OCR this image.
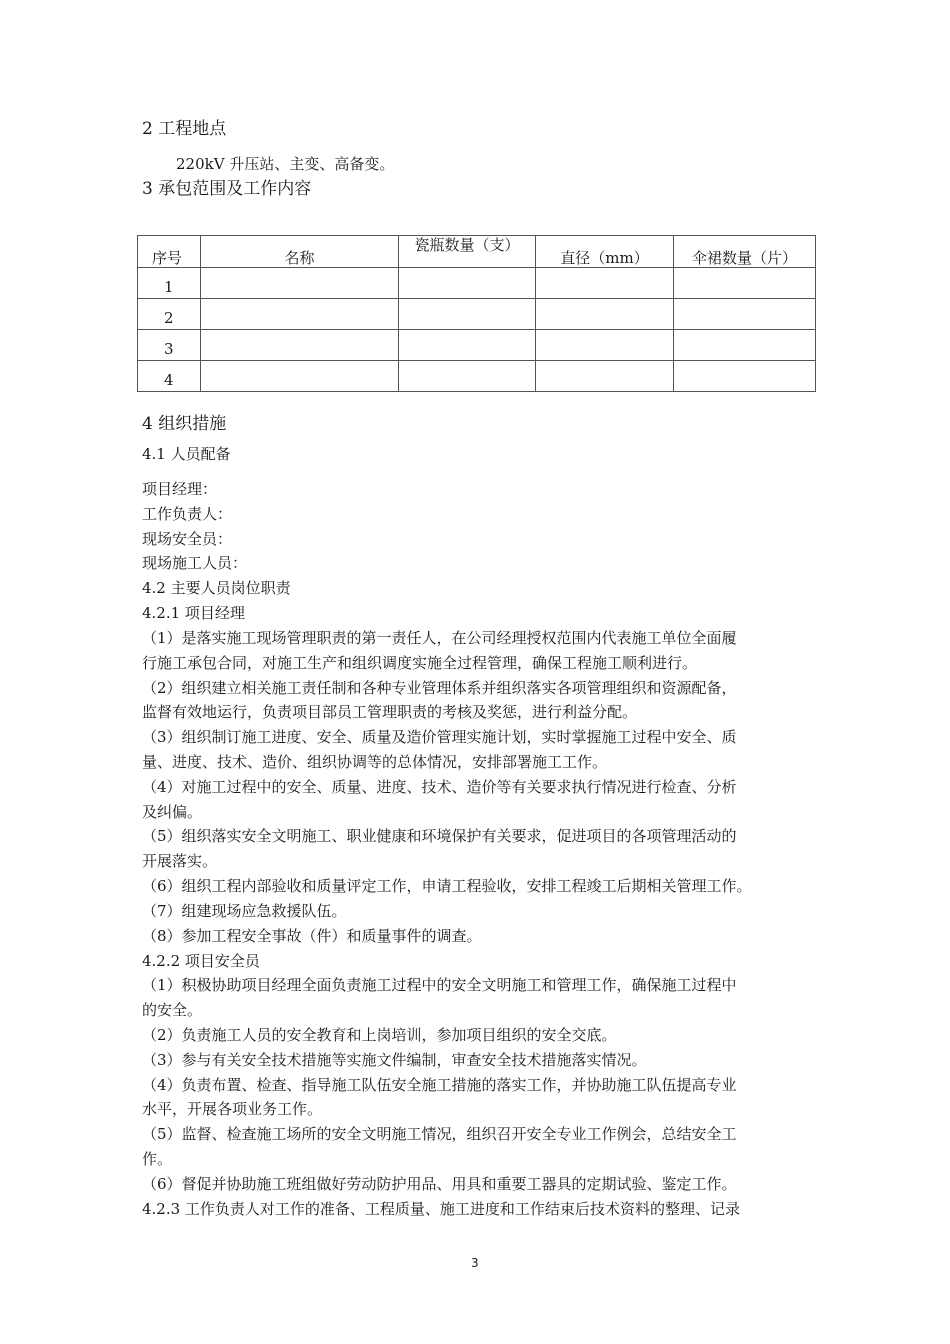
2 工程地点
220kV 升压站、主变、高备变。
3 承包范围及工作内容
序号	名称	瓷瓶数量（支）	直径（mm）	伞裙数量（片）
1				
2				
3				
4				
4 组织措施
4.1 人员配备
项目经理：
工作负责人：
现场安全员：
现场施工人员：
4.2 主要人员岗位职责
4.2.1 项目经理
（1）是落实施工现场管理职责的第一责任人，在公司经理授权范围内代表施工单位全面履
行施工承包合同，对施工生产和组织调度实施全过程管理，确保工程施工顺利进行。
（2）组织建立相关施工责任制和各种专业管理体系并组织落实各项管理组织和资源配备，
监督有效地运行，负责项目部员工管理职责的考核及奖惩，进行利益分配。
（3）组织制订施工进度、安全、质量及造价管理实施计划，实时掌握施工过程中安全、质
量、进度、技术、造价、组织协调等的总体情况，安排部署施工工作。
（4）对施工过程中的安全、质量、进度、技术、造价等有关要求执行情况进行检查、分析
及纠偏。
（5）组织落实安全文明施工、职业健康和环境保护有关要求，促进项目的各项管理活动的
开展落实。
（6）组织工程内部验收和质量评定工作，申请工程验收，安排工程竣工后期相关管理工作。
（7）组建现场应急救援队伍。
（8）参加工程安全事故（件）和质量事件的调查。
4.2.2 项目安全员
（1）积极协助项目经理全面负责施工过程中的安全文明施工和管理工作，确保施工过程中
的安全。
（2）负责施工人员的安全教育和上岗培训，参加项目组织的安全交底。
（3）参与有关安全技术措施等实施文件编制，审查安全技术措施落实情况。
（4）负责布置、检查、指导施工队伍安全施工措施的落实工作，并协助施工队伍提高专业
水平，开展各项业务工作。
（5）监督、检查施工场所的安全文明施工情况，组织召开安全专业工作例会，总结安全工
作。
（6）督促并协助施工班组做好劳动防护用品、用具和重要工器具的定期试验、鉴定工作。
4.2.3 工作负责人对工作的准备、工程质量、施工进度和工作结束后技术资料的整理、记录
3
